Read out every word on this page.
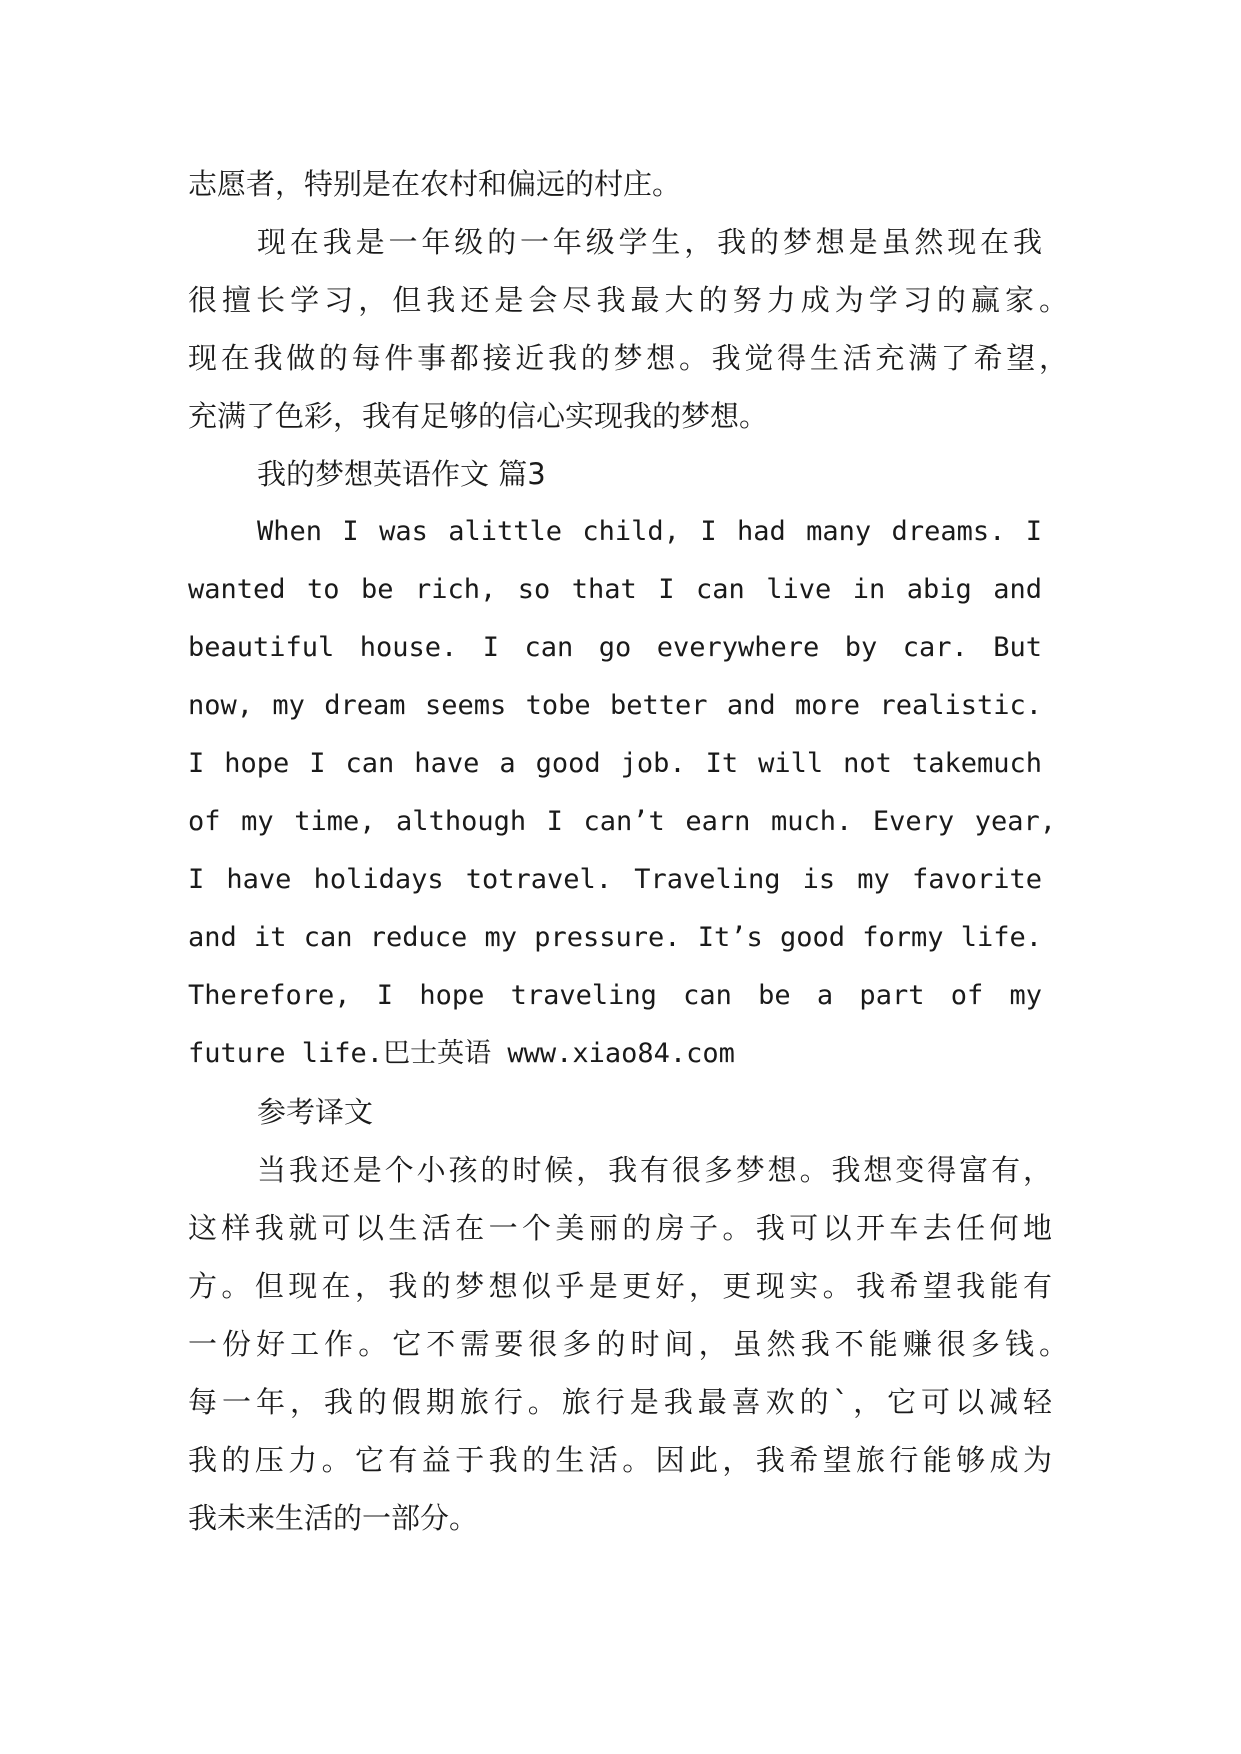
志愿者，特别是在农村和偏远的村庄。
现在我是一年级的一年级学生，我的梦想是虽然现在我
很擅长学习，但我还是会尽我最大的努力成为学习的赢家。
现在我做的每件事都接近我的梦想。我觉得生活充满了希望，
充满了色彩，我有足够的信心实现我的梦想。
我的梦想英语作文 篇3
When I was alittle child, I had many dreams. I
wanted to be rich, so that I can live in abig and
beautiful house. I can go everywhere by car. But
now, my dream seems tobe better and more realistic.
I hope I can have a good job. It will not takemuch
of my time, although I can’t earn much. Every year,
I have holidays totravel. Traveling is my favorite
and it can reduce my pressure. It’s good formy life.
Therefore, I hope traveling can be a part of my
future life.巴士英语 www.xiao84.com
参考译文
当我还是个小孩的时候，我有很多梦想。我想变得富有，
这样我就可以生活在一个美丽的房子。我可以开车去任何地
方。但现在，我的梦想似乎是更好，更现实。我希望我能有
一份好工作。它不需要很多的时间，虽然我不能赚很多钱。
每一年，我的假期旅行。旅行是我最喜欢的`，它可以减轻
我的压力。它有益于我的生活。因此，我希望旅行能够成为
我未来生活的一部分。
